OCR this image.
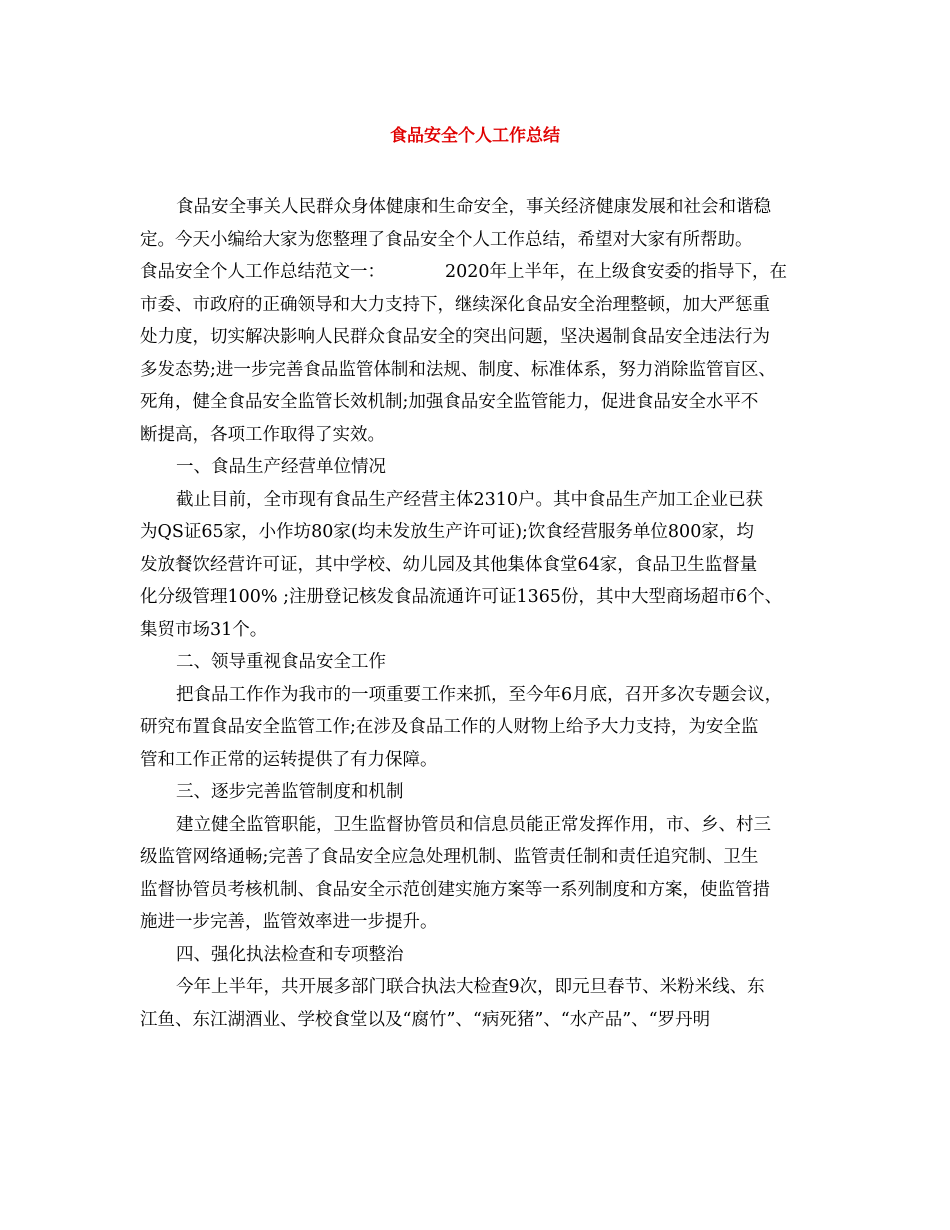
食品安全个人工作总结
食品安全事关人民群众身体健康和生命安全，事关经济健康发展和社会和谐稳
定。今天小编给大家为您整理了食品安全个人工作总结，希望对大家有所帮助。
食品安全个人工作总结范文一：	2020年上半年，在上级食安委的指导下，在
市委、市政府的正确领导和大力支持下，继续深化食品安全治理整顿，加大严惩重
处力度，切实解决影响人民群众食品安全的突出问题，坚决遏制食品安全违法行为
多发态势;进一步完善食品监管体制和法规、制度、标准体系，努力消除监管盲区、
死角，健全食品安全监管长效机制;加强食品安全监管能力，促进食品安全水平不
断提高，各项工作取得了实效。
一、食品生产经营单位情况
截止目前，全市现有食品生产经营主体2310户。其中食品生产加工企业已获
为QS证65家，小作坊80家(均未发放生产许可证);饮食经营服务单位800家，均
发放餐饮经营许可证，其中学校、幼儿园及其他集体食堂64家，食品卫生监督量
化分级管理100% ;注册登记核发食品流通许可证1365份，其中大型商场超市6个、
集贸市场31个。
二、领导重视食品安全工作
把食品工作作为我市的一项重要工作来抓，至今年6月底，召开多次专题会议，
研究布置食品安全监管工作;在涉及食品工作的人财物上给予大力支持，为安全监
管和工作正常的运转提供了有力保障。
三、逐步完善监管制度和机制
建立健全监管职能，卫生监督协管员和信息员能正常发挥作用，市、乡、村三
级监管网络通畅;完善了食品安全应急处理机制、监管责任制和责任追究制、卫生
监督协管员考核机制、食品安全示范创建实施方案等一系列制度和方案，使监管措
施进一步完善，监管效率进一步提升。
四、强化执法检查和专项整治
今年上半年，共开展多部门联合执法大检查9次，即元旦春节、米粉米线、东
江鱼、东江湖酒业、学校食堂以及“腐竹”、“病死猪”、“水产品”、“罗丹明
